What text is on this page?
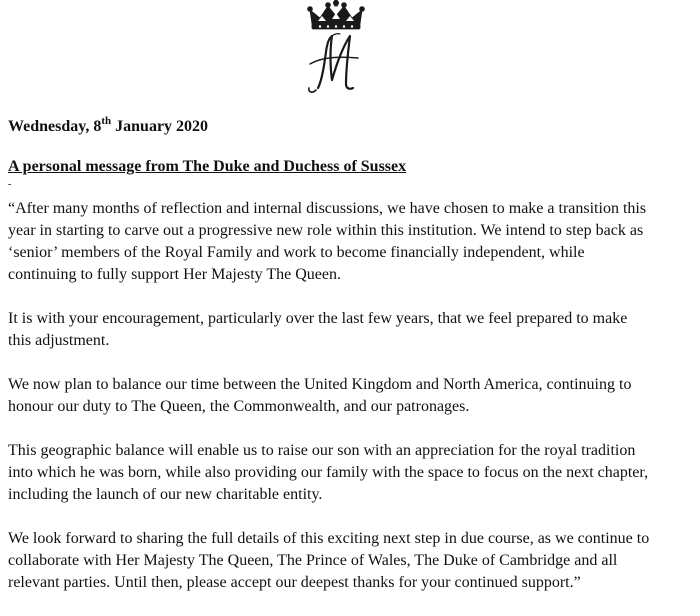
Wednesday, 8th January 2020
A personal message from The Duke and Duchess of Sussex
-

“After many months of reflection and internal discussions, we have chosen to make a transition this
year in starting to carve out a progressive new role within this institution. We intend to step back as
‘senior’ members of the Royal Family and work to become financially independent, while
continuing to fully support Her Majesty The Queen.

It is with your encouragement, particularly over the last few years, that we feel prepared to make
this adjustment.

We now plan to balance our time between the United Kingdom and North America, continuing to
honour our duty to The Queen, the Commonwealth, and our patronages.

This geographic balance will enable us to raise our son with an appreciation for the royal tradition
into which he was born, while also providing our family with the space to focus on the next chapter,
including the launch of our new charitable entity.

We look forward to sharing the full details of this exciting next step in due course, as we continue to
collaborate with Her Majesty The Queen, The Prince of Wales, The Duke of Cambridge and all
relevant parties. Until then, please accept our deepest thanks for your continued support.”
